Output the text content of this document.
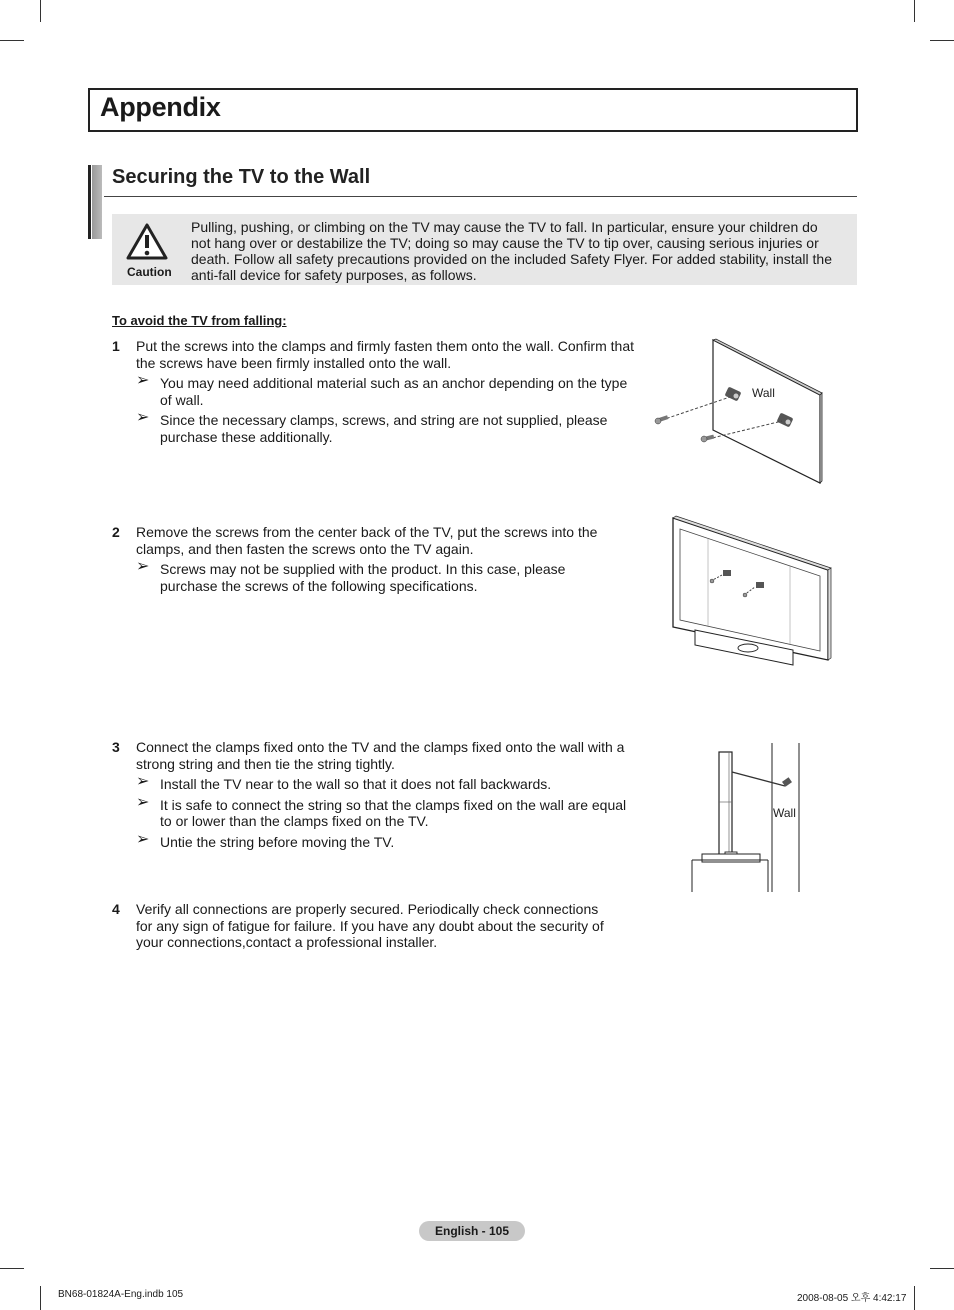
Appendix
Securing the TV to the Wall
Caution

Pulling, pushing, or climbing on the TV may cause the TV to fall. In particular, ensure your children do not hang over or destabilize the TV; doing so may cause the TV to tip over, causing serious injuries or death. Follow all safety precautions provided on the included Safety Flyer. For added stability, install the anti-fall device for safety purposes, as follows.

To avoid the TV from falling:
1 Put the screws into the clamps and firmly fasten them onto the wall. Confirm that the screws have been firmly installed onto the wall.

➢ You may need additional material such as an anchor depending on the type of wall.
➢ Since the necessary clamps, screws, and string are not supplied, please purchase these additionally.
Wall
2 Remove the screws from the center back of the TV, put the screws into the clamps, and then fasten the screws onto the TV again.

➢ Screws may not be supplied with the product. In this case, please purchase the screws of the following specifications.
3 Connect the clamps fixed onto the TV and the clamps fixed onto the wall with a strong string and then tie the string tightly.

➢ Install the TV near to the wall so that it does not fall backwards.
➢ It is safe to connect the string so that the clamps fixed on the wall are equal to or lower than the clamps fixed on the TV.
➢ Untie the string before moving the TV.
Wall
4 Verify all connections are properly secured. Periodically check connections for any sign of fatigue for failure. If you have any doubt about the security of your connections,contact a professional installer.

English - 105
BN68-01824A-Eng.indb 105	2008-08-05 오후 4:42:17
